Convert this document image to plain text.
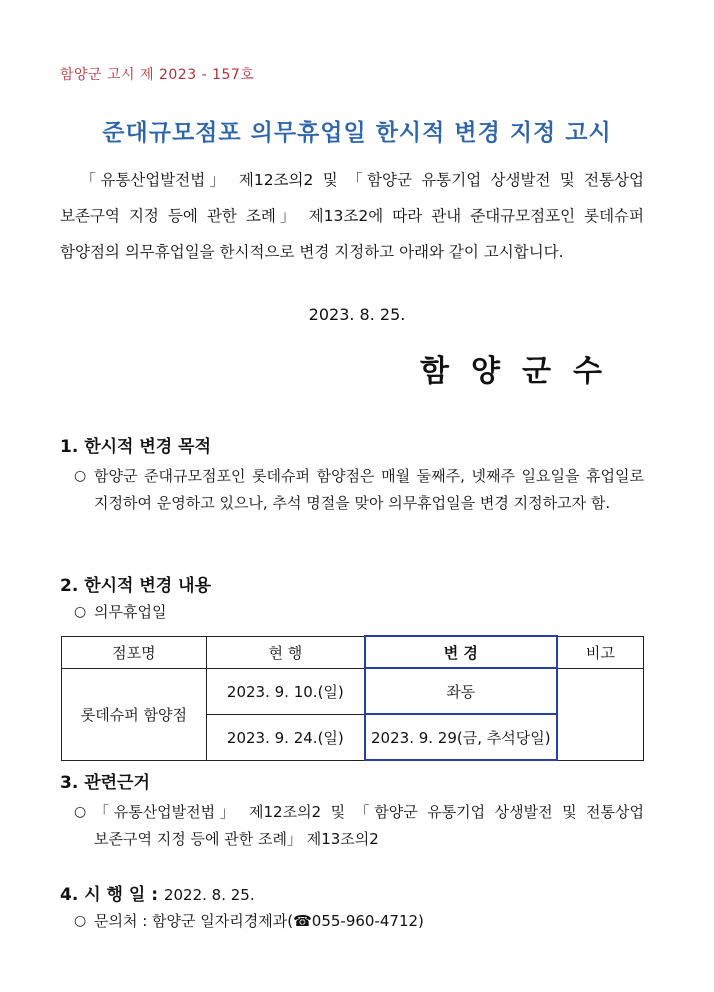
함양군 고시 제 2023 - 157호
준대규모점포 의무휴업일 한시적 변경 지정 고시
「유통산업발전법」 제12조의2 및 「함양군 유통기업 상생발전 및 전통상업 보존구역 지정 등에 관한 조례」 제13조2에 따라 관내 준대규모점포인 롯데슈퍼 함양점의 의무휴업일을 한시적으로 변경 지정하고 아래와 같이 고시합니다.
2023. 8. 25.
함양군수
1. 한시적 변경 목적
○ 함양군 준대규모점포인 롯데슈퍼 함양점은 매월 둘째주, 넷째주 일요일을 휴업일로 지정하여 운영하고 있으나, 추석 명절을 맞아 의무휴업일을 변경 지정하고자 함.
2. 한시적 변경 내용
○ 의무휴업일
점포명	현 행	변 경	비고
롯데슈퍼 함양점	2023. 9. 10.(일)	좌동	
	2023. 9. 24.(일)	2023. 9. 29(금, 추석당일)	
3. 관련근거
○ 「유통산업발전법」 제12조의2 및 「함양군 유통기업 상생발전 및 전통상업 보존구역 지정 등에 관한 조례」 제13조의2
4. 시 행 일 : 2022. 8. 25.
○ 문의처 : 함양군 일자리경제과(☎055-960-4712)
